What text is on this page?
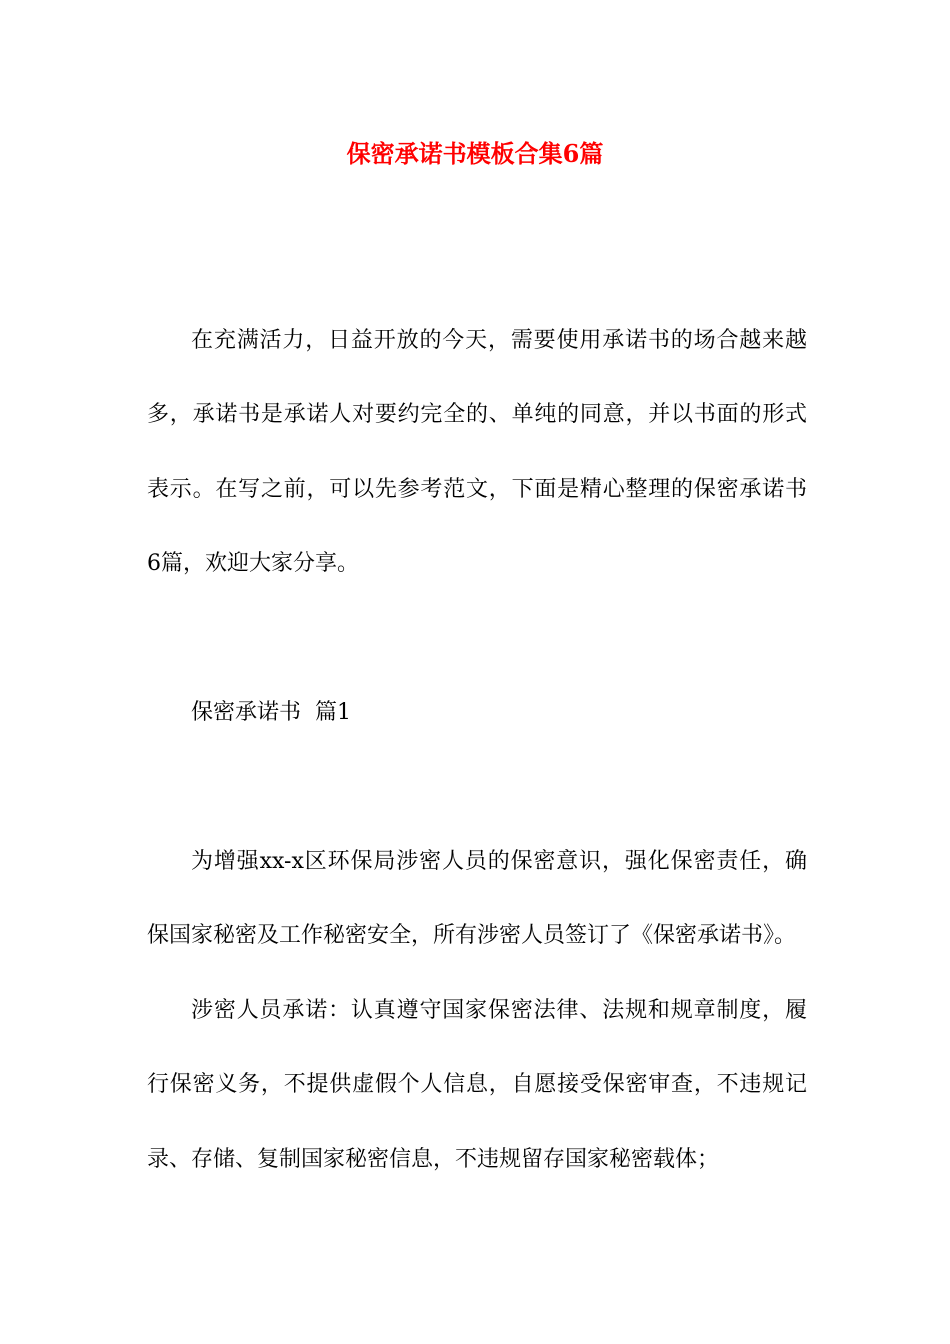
保密承诺书模板合集6篇
在充满活力，日益开放的今天，需要使用承诺书的场合越来越
多，承诺书是承诺人对要约完全的、单纯的同意，并以书面的形式
表示。在写之前，可以先参考范文，下面是精心整理的保密承诺书
6篇，欢迎大家分享。
保密承诺书  篇1
为增强xx-x区环保局涉密人员的保密意识，强化保密责任，确
保国家秘密及工作秘密安全，所有涉密人员签订了《保密承诺书》。
涉密人员承诺：认真遵守国家保密法律、法规和规章制度，履
行保密义务，不提供虚假个人信息，自愿接受保密审查，不违规记
录、存储、复制国家秘密信息，不违规留存国家秘密载体；
